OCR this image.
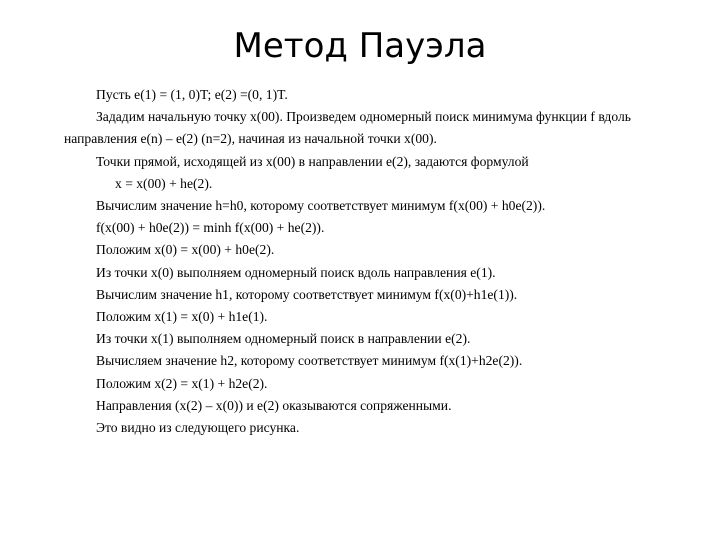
Метод Пауэла

Пусть e(1) = (1, 0)T; e(2) =(0, 1)T.

Зададим начальную точку x(00). Произведем одномерный поиск минимума функции f вдоль направления e(n) – e(2) (n=2), начиная из начальной точки x(00).

Точки прямой, исходящей из x(00) в направлении e(2), задаются формулой

x = x(00) + he(2).

Вычислим значение h=h0, которому соответствует минимум f(x(00) + h0e(2)).

f(x(00) + h0e(2)) = minh f(x(00) + he(2)).

Положим x(0) = x(00) + h0e(2).

Из точки x(0) выполняем одномерный поиск вдоль направления e(1).

Вычислим значение h1, которому соответствует минимум f(x(0)+h1e(1)).

Положим x(1) = x(0) + h1e(1).

Из точки x(1) выполняем одномерный поиск в направлении e(2).

Вычисляем значение h2, которому соответствует минимум f(x(1)+h2e(2)).

Положим x(2) = x(1) + h2e(2).

Направления (x(2) – x(0)) и e(2) оказываются сопряженными.

Это видно из следующего рисунка.
